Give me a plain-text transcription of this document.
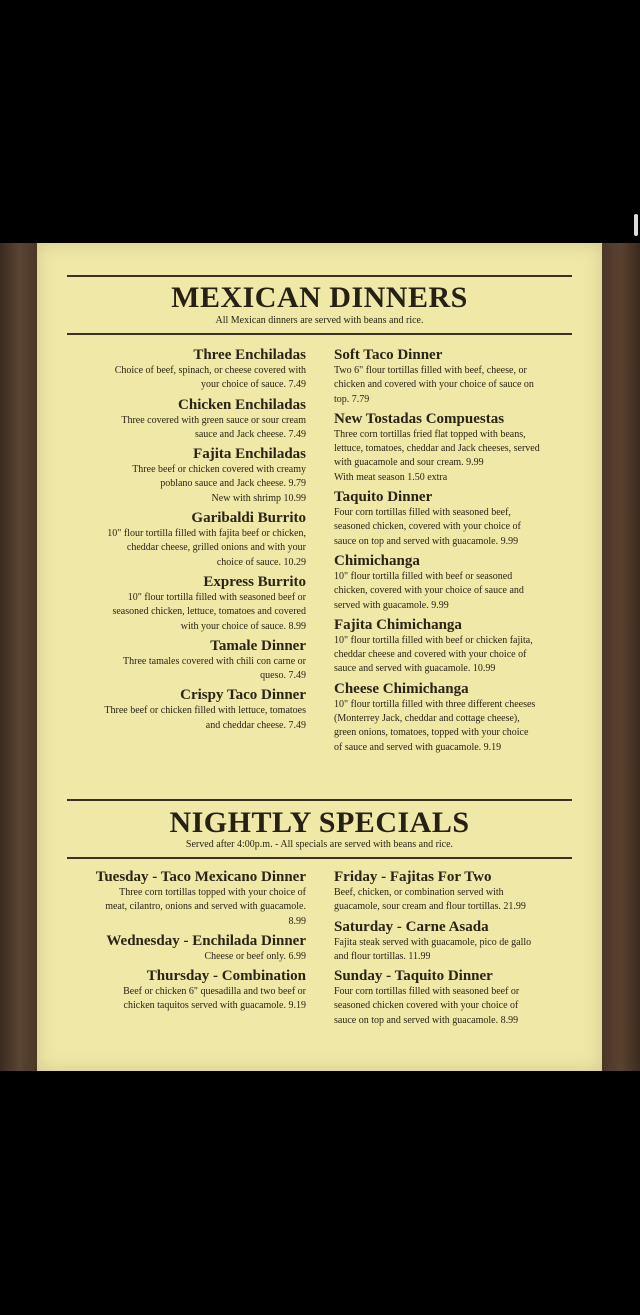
MEXICAN DINNERS
All Mexican dinners are served with beans and rice.
Three Enchiladas
Choice of beef, spinach, or cheese covered with
your choice of sauce. 7.49
Chicken Enchiladas
Three covered with green sauce or sour cream
sauce and Jack cheese. 7.49
Fajita Enchiladas
Three beef or chicken covered with creamy
poblano sauce and Jack cheese. 9.79
New with shrimp 10.99
Garibaldi Burrito
10" flour tortilla filled with fajita beef or chicken,
cheddar cheese, grilled onions and with your
choice of sauce. 10.29
Express Burrito
10" flour tortilla filled with seasoned beef or
seasoned chicken, lettuce, tomatoes and covered
with your choice of sauce. 8.99
Tamale Dinner
Three tamales covered with chili con carne or
queso. 7.49
Crispy Taco Dinner
Three beef or chicken filled with lettuce, tomatoes
and cheddar cheese. 7.49
Soft Taco Dinner
Two 6" flour tortillas filled with beef, cheese, or
chicken and covered with your choice of sauce on
top. 7.79
New Tostadas Compuestas
Three corn tortillas fried flat topped with beans,
lettuce, tomatoes, cheddar and Jack cheeses, served
with guacamole and sour cream. 9.99
With meat season 1.50 extra
Taquito Dinner
Four corn tortillas filled with seasoned beef,
seasoned chicken, covered with your choice of
sauce on top and served with guacamole. 9.99
Chimichanga
10" flour tortilla filled with beef or seasoned
chicken, covered with your choice of sauce and
served with guacamole. 9.99
Fajita Chimichanga
10" flour tortilla filled with beef or chicken fajita,
cheddar cheese and covered with your choice of
sauce and served with guacamole. 10.99
Cheese Chimichanga
10" flour tortilla filled with three different cheeses
(Monterrey Jack, cheddar and cottage cheese),
green onions, tomatoes, topped with your choice
of sauce and served with guacamole. 9.19
NIGHTLY SPECIALS
Served after 4:00p.m. - All specials are served with beans and rice.
Tuesday - Taco Mexicano Dinner
Three corn tortillas topped with your choice of
meat, cilantro, onions and served with guacamole.
8.99
Wednesday - Enchilada Dinner
Cheese or beef only. 6.99
Thursday - Combination
Beef or chicken 6" quesadilla and two beef or
chicken taquitos served with guacamole. 9.19
Friday - Fajitas For Two
Beef, chicken, or combination served with
guacamole, sour cream and flour tortillas. 21.99
Saturday - Carne Asada
Fajita steak served with guacamole, pico de gallo
and flour tortillas. 11.99
Sunday - Taquito Dinner
Four corn tortillas filled with seasoned beef or
seasoned chicken covered with your choice of
sauce on top and served with guacamole. 8.99
